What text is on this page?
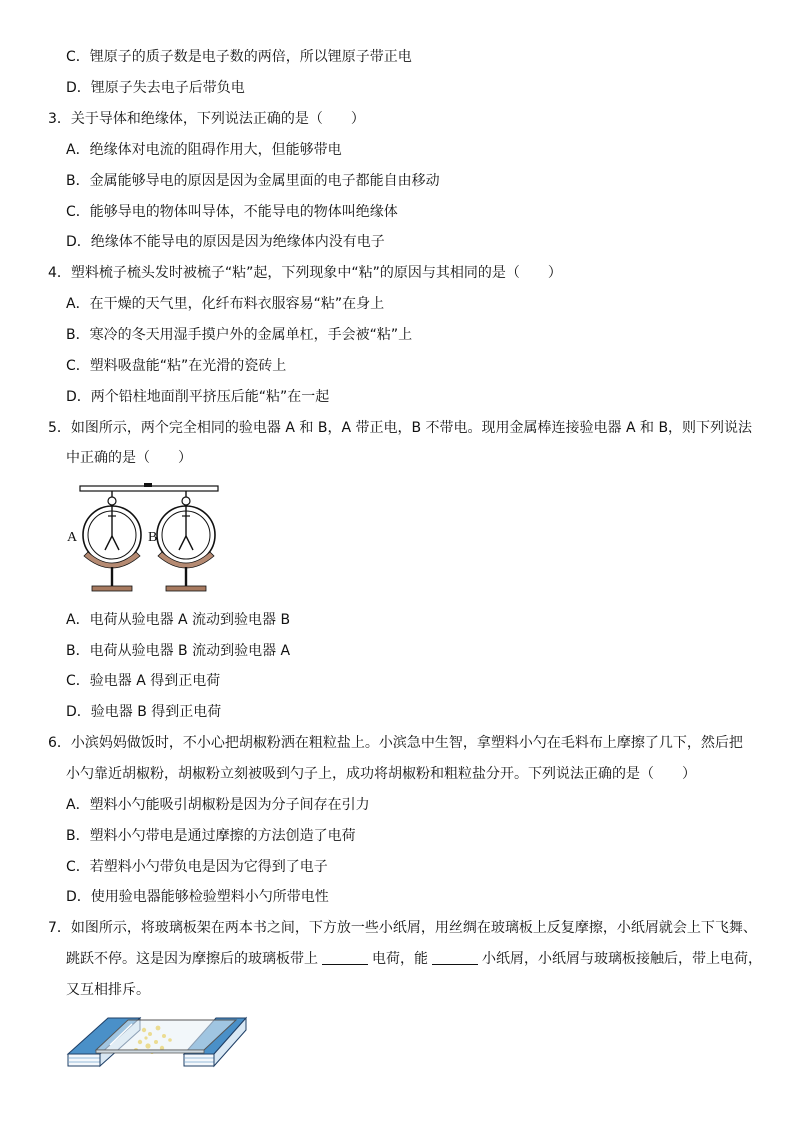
C．锂原子的质子数是电子数的两倍，所以锂原子带正电
D．锂原子失去电子后带负电
3．关于导体和绝缘体，下列说法正确的是（　　）
A．绝缘体对电流的阻碍作用大，但能够带电
B．金属能够导电的原因是因为金属里面的电子都能自由移动
C．能够导电的物体叫导体，不能导电的物体叫绝缘体
D．绝缘体不能导电的原因是因为绝缘体内没有电子
4．塑料梳子梳头发时被梳子“粘”起，下列现象中“粘”的原因与其相同的是（　　）
A．在干燥的天气里，化纤布料衣服容易“粘”在身上
B．寒冷的冬天用湿手摸户外的金属单杠，手会被“粘”上
C．塑料吸盘能“粘”在光滑的瓷砖上
D．两个铅柱地面削平挤压后能“粘”在一起
5．如图所示，两个完全相同的验电器 A 和 B，A 带正电，B 不带电。现用金属棒连接验电器 A 和 B，则下列说法
中正确的是（　　）
A	B
A．电荷从验电器 A 流动到验电器 B
B．电荷从验电器 B 流动到验电器 A
C．验电器 A 得到正电荷
D．验电器 B 得到正电荷
6．小滨妈妈做饭时，不小心把胡椒粉洒在粗粒盐上。小滨急中生智，拿塑料小勺在毛料布上摩擦了几下，然后把
小勺靠近胡椒粉，胡椒粉立刻被吸到勺子上，成功将胡椒粉和粗粒盐分开。下列说法正确的是（　　）
A．塑料小勺能吸引胡椒粉是因为分子间存在引力
B．塑料小勺带电是通过摩擦的方法创造了电荷
C．若塑料小勺带负电是因为它得到了电子
D．使用验电器能够检验塑料小勺所带电性
7．如图所示，将玻璃板架在两本书之间，下方放一些小纸屑，用丝绸在玻璃板上反复摩擦，小纸屑就会上下飞舞、
跳跃不停。这是因为摩擦后的玻璃板带上	电荷，能	小纸屑，小纸屑与玻璃板接触后，带上电荷，
又互相排斥。
